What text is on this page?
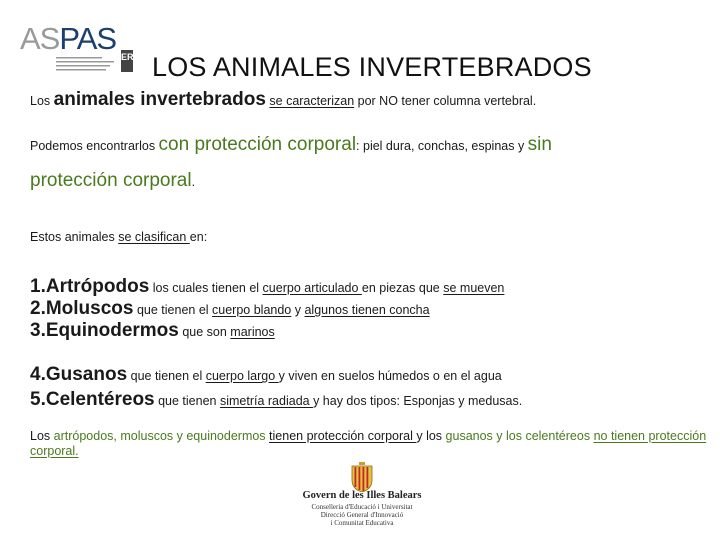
ASPAS
ER LOS ANIMALES INVERTEBRADOS
Los animales invertebrados se caracterizan por NO tener columna vertebral.
Podemos encontrarlos con protección corporal: piel dura, conchas, espinas y sin
protección corporal.
Estos animales se clasifican en:
1.Artrópodos los cuales tienen el cuerpo articulado en piezas que se mueven
2.Moluscos que tienen el cuerpo blando y algunos tienen concha
3.Equinodermos que son marinos
4.Gusanos que tienen el cuerpo largo y viven en suelos húmedos o en el agua
5.Celentéreos que tienen simetría radiada y hay dos tipos: Esponjas y medusas.
Los artrópodos, moluscos y equinodermos tienen protección corporal y los gusanos y los celentéreos no tienen protección corporal.
Govern de les Illes Balears
Conselleria d'Educació i Universitat
Direcció General d'Innovació
i Comunitat Educativa
